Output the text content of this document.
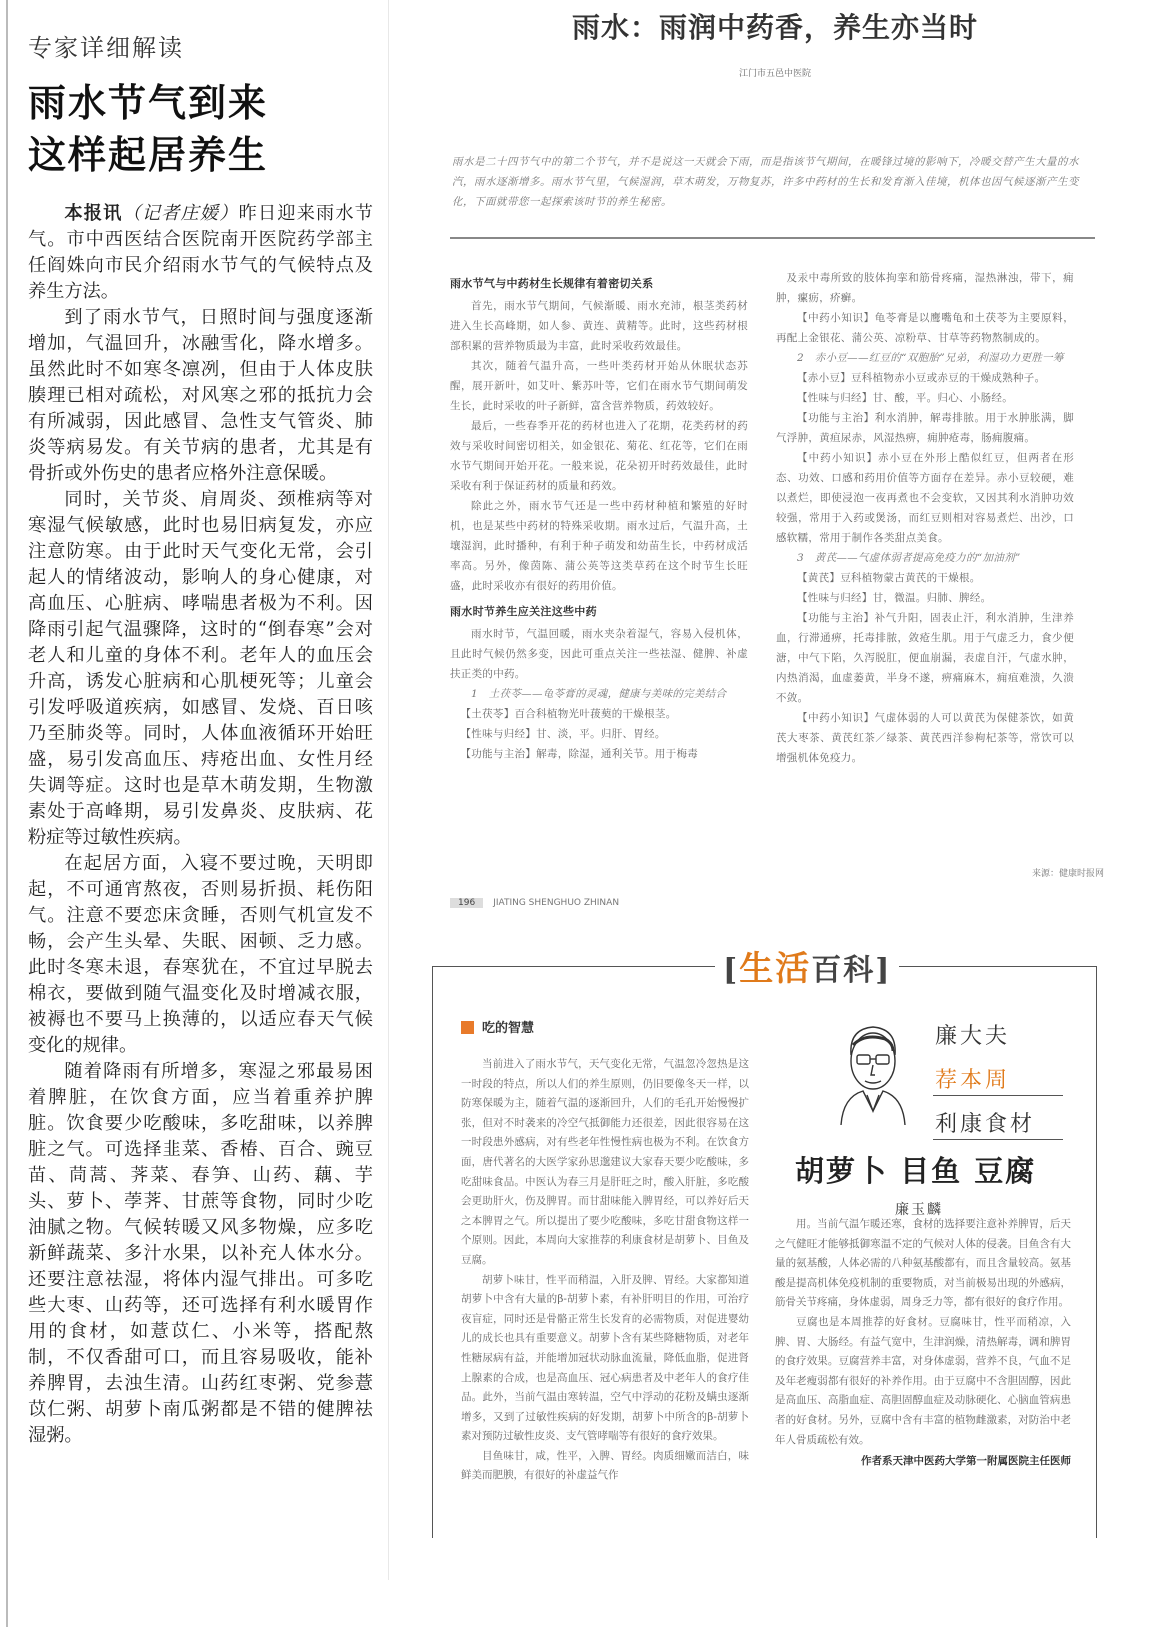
专家详细解读
雨水节气到来
这样起居养生

本报讯（记者庄媛）昨日迎来雨水节气。市中西医结合医院南开医院药学部主任阎姝向市民介绍雨水节气的气候特点及养生方法。

到了雨水节气，日照时间与强度逐渐增加，气温回升，冰融雪化，降水增多。虽然此时不如寒冬凛冽，但由于人体皮肤腠理已相对疏松，对风寒之邪的抵抗力会有所减弱，因此感冒、急性支气管炎、肺炎等病易发。有关节病的患者，尤其是有骨折或外伤史的患者应格外注意保暖。

同时，关节炎、肩周炎、颈椎病等对寒湿气候敏感，此时也易旧病复发，亦应注意防寒。由于此时天气变化无常，会引起人的情绪波动，影响人的身心健康，对高血压、心脏病、哮喘患者极为不利。因降雨引起气温骤降，这时的“倒春寒”会对老人和儿童的身体不利。老年人的血压会升高，诱发心脏病和心肌梗死等；儿童会引发呼吸道疾病，如感冒、发烧、百日咳乃至肺炎等。同时，人体血液循环开始旺盛，易引发高血压、痔疮出血、女性月经失调等症。这时也是草木萌发期，生物激素处于高峰期，易引发鼻炎、皮肤病、花粉症等过敏性疾病。

在起居方面，入寝不要过晚，天明即起，不可通宵熬夜，否则易折损、耗伤阳气。注意不要恋床贪睡，否则气机宣发不畅，会产生头晕、失眠、困顿、乏力感。此时冬寒未退，春寒犹在，不宜过早脱去棉衣，要做到随气温变化及时增减衣服，被褥也不要马上换薄的，以适应春天气候变化的规律。

随着降雨有所增多，寒湿之邪最易困着脾脏，在饮食方面，应当着重养护脾脏。饮食要少吃酸味，多吃甜味，以养脾脏之气。可选择韭菜、香椿、百合、豌豆苗、茼蒿、荠菜、春笋、山药、藕、芋头、萝卜、荸荠、甘蔗等食物，同时少吃油腻之物。气候转暖又风多物燥，应多吃新鲜蔬菜、多汁水果，以补充人体水分。还要注意祛湿，将体内湿气排出。可多吃些大枣、山药等，还可选择有利水暖胃作用的食材，如薏苡仁、小米等，搭配熬制，不仅香甜可口，而且容易吸收，能补养脾胃，去浊生清。山药红枣粥、党参薏苡仁粥、胡萝卜南瓜粥都是不错的健脾祛湿粥。

雨水：雨润中药香，养生亦当时
江门市五邑中医院
雨水是二十四节气中的第二个节气，并不是说这一天就会下雨，而是指该节气期间，在暖锋过境的影响下，冷暖交替产生大量的水汽，雨水逐渐增多。雨水节气里，气候湿润，草木萌发，万物复苏，许多中药材的生长和发育渐入佳境，机体也因气候逐渐产生变化，下面就带您一起探索该时节的养生秘密。
雨水节气与中药材生长规律有着密切关系

首先，雨水节气期间，气候渐暖、雨水充沛，根茎类药材进入生长高峰期，如人参、黄连、黄精等。此时，这些药材根部积累的营养物质最为丰富，此时采收药效最佳。

其次，随着气温升高，一些叶类药材开始从休眠状态苏醒，展开新叶，如艾叶、紫苏叶等，它们在雨水节气期间萌发生长，此时采收的叶子新鲜，富含营养物质，药效较好。

最后，一些春季开花的药材也进入了花期，花类药材的药效与采收时间密切相关，如金银花、菊花、红花等，它们在雨水节气期间开始开花。一般来说，花朵初开时药效最佳，此时采收有利于保证药材的质量和药效。

除此之外，雨水节气还是一些中药材种植和繁殖的好时机，也是某些中药材的特殊采收期。雨水过后，气温升高，土壤湿润，此时播种，有利于种子萌发和幼苗生长，中药材成活率高。另外，像茵陈、蒲公英等这类草药在这个时节生长旺盛，此时采收亦有很好的药用价值。

雨水时节养生应关注这些中药

雨水时节，气温回暖，雨水夹杂着湿气，容易入侵机体，且此时气候仍然多变，因此可重点关注一些祛湿、健脾、补虚扶正类的中药。

1　土茯苓——龟苓膏的灵魂，健康与美味的完美结合

【土茯苓】百合科植物光叶菝葜的干燥根茎。

【性味与归经】甘、淡，平。归肝、胃经。

【功能与主治】解毒，除湿，通利关节。用于梅毒

及汞中毒所致的肢体拘挛和筋骨疼痛，湿热淋浊，带下，痈肿，瘰疬，疥癣。

【中药小知识】龟苓膏是以鹰嘴龟和土茯苓为主要原料，再配上金银花、蒲公英、凉粉草、甘草等药物熬制成的。

2　赤小豆——红豆的“双胞胎”兄弟，利湿功力更胜一筹

【赤小豆】豆科植物赤小豆或赤豆的干燥成熟种子。

【性味与归经】甘、酸，平。归心、小肠经。

【功能与主治】利水消肿，解毒排脓。用于水肿胀满，脚气浮肿，黄疸尿赤，风湿热痹，痈肿疮毒，肠痈腹痛。

【中药小知识】赤小豆在外形上酷似红豆，但两者在形态、功效、口感和药用价值等方面存在差异。赤小豆较硬，难以煮烂，即使浸泡一夜再煮也不会变软，又因其利水消肿功效较强，常用于入药或煲汤，而红豆则相对容易煮烂、出沙，口感软糯，常用于制作各类甜点美食。

3　黄芪——气虚体弱者提高免疫力的“加油剂”

【黄芪】豆科植物蒙古黄芪的干燥根。

【性味与归经】甘，微温。归肺、脾经。

【功能与主治】补气升阳，固表止汗，利水消肿，生津养血，行滞通痹，托毒排脓，敛疮生肌。用于气虚乏力，食少便溏，中气下陷，久泻脱肛，便血崩漏，表虚自汗，气虚水肿，内热消渴，血虚萎黄，半身不遂，痹痛麻木，痈疽难溃，久溃不敛。

【中药小知识】气虚体弱的人可以黄芪为保健茶饮，如黄芪大枣茶、黄芪红茶／绿茶、黄芪西洋参枸杞茶等，常饮可以增强机体免疫力。

来源：健康时报网
196 JIATING SHENGHUO ZHINAN
[生活百科]
吃的智慧

当前进入了雨水节气，天气变化无常，气温忽冷忽热是这一时段的特点，所以人们的养生原则，仍旧要像冬天一样，以防寒保暖为主，随着气温的逐渐回升，人们的毛孔开始慢慢扩张，但对不时袭来的冷空气抵御能力还很差，因此很容易在这一时段患外感病，对有些老年性慢性病也极为不利。在饮食方面，唐代著名的大医学家孙思邈建议大家春天要少吃酸味，多吃甜味食品。中医认为春三月是肝旺之时，酸入肝脏，多吃酸会更助肝火，伤及脾胃。而甘甜味能入脾胃经，可以养好后天之本脾胃之气。所以提出了要少吃酸味，多吃甘甜食物这样一个原则。因此，本周向大家推荐的利康食材是胡萝卜、目鱼及豆腐。

胡萝卜味甘，性平而稍温，入肝及脾、胃经。大家都知道胡萝卜中含有大量的β-胡萝卜素，有补肝明目的作用，可治疗夜盲症，同时还是骨骼正常生长发育的必需物质，对促进婴幼儿的成长也具有重要意义。胡萝卜含有某些降糖物质，对老年性糖尿病有益，并能增加冠状动脉血流量，降低血脂，促进肾上腺素的合成，也是高血压、冠心病患者及中老年人的食疗佳品。此外，当前气温由寒转温，空气中浮动的花粉及螨虫逐渐增多，又到了过敏性疾病的好发期，胡萝卜中所含的β-胡萝卜素对预防过敏性皮炎、支气管哮喘等有很好的食疗效果。

目鱼味甘，咸，性平，入脾、胃经。肉质细嫩而洁白，味鲜美而肥腴，有很好的补虚益气作

廉大夫
荐本周
利康食材
胡萝卜 目鱼 豆腐
廉玉麟

用。当前气温乍暖还寒，食材的选择要注意补养脾胃，后天之气健旺才能够抵御寒温不定的气候对人体的侵袭。目鱼含有大量的氨基酸，人体必需的八种氨基酸都有，而且含量较高。氨基酸是提高机体免疫机制的重要物质，对当前极易出现的外感病，筋骨关节疼痛，身体虚弱，周身乏力等，都有很好的食疗作用。

豆腐也是本周推荐的好食材。豆腐味甘，性平而稍凉，入脾、胃、大肠经。有益气宽中，生津润燥，清热解毒，调和脾胃的食疗效果。豆腐营养丰富，对身体虚弱，营养不良，气血不足及年老瘦弱都有很好的补养作用。由于豆腐中不含胆固醇，因此是高血压、高脂血症、高胆固醇血症及动脉硬化、心脑血管病患者的好食材。另外，豆腐中含有丰富的植物雌激素，对防治中老年人骨质疏松有效。

作者系天津中医药大学第一附属医院主任医师
